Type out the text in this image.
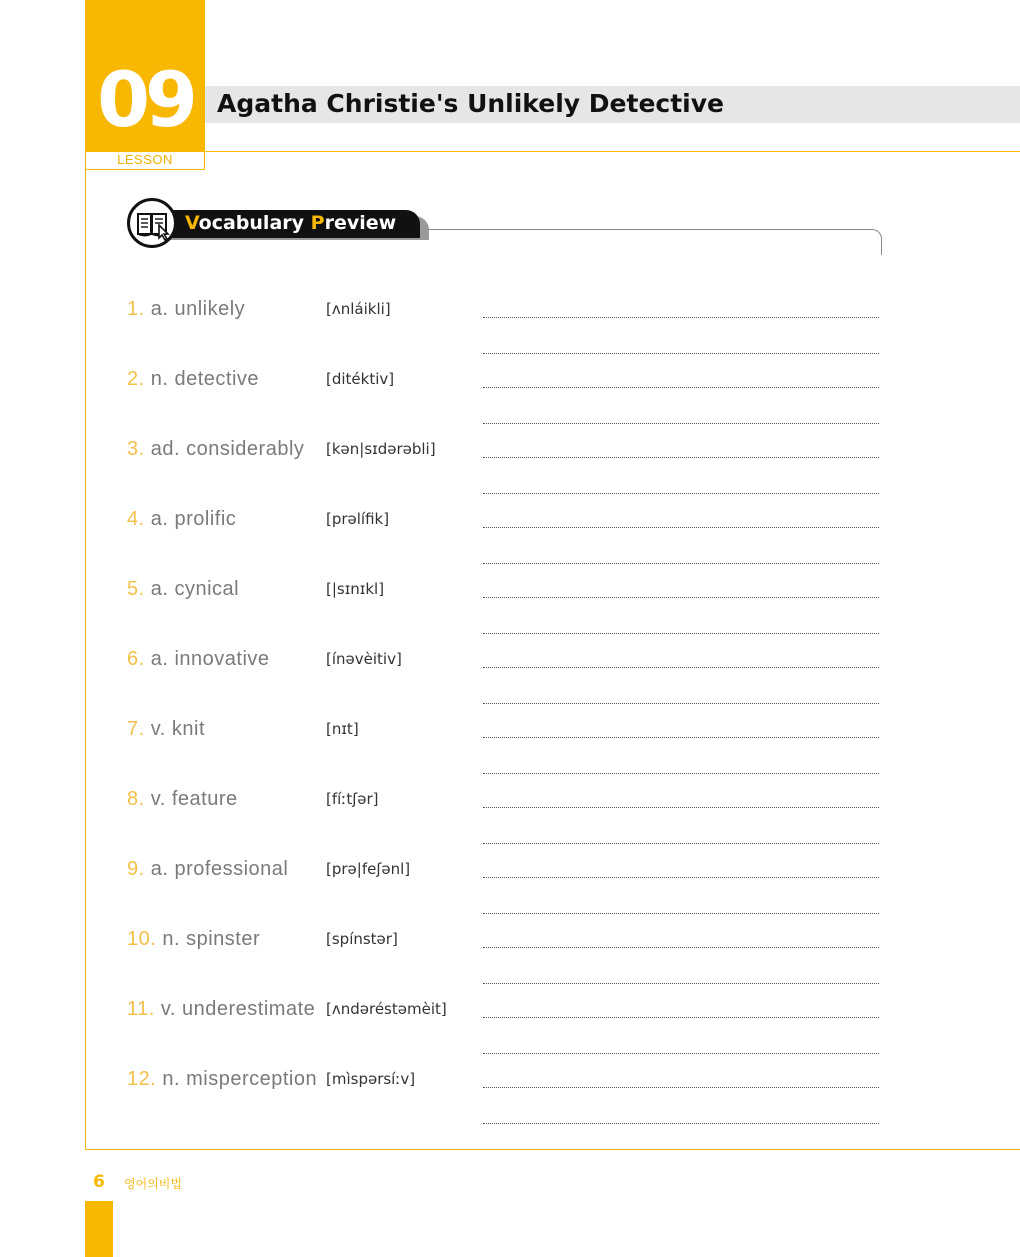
09
LESSON
Agatha Christie's Unlikely Detective
Vocabulary Preview
1. a. unlikely	[ʌnláikli]
2. n. detective	[ditéktiv]
3. ad. considerably [kən|sɪdərəbli]
4. a. prolific	[prəlífik]
5. a. cynical	[|sɪnɪkl]
6. a. innovative	[ínəvèitiv]
7. v. knit	[nɪt]
8. v. feature	[fíːtʃər]
9. a. professional	[prə|feʃənl]
10. n. spinster	[spínstər]
11. v. underestimate [ʌndəréstəmèit]
12. n. misperception [mìspərsíːv]
6 영어의비법
